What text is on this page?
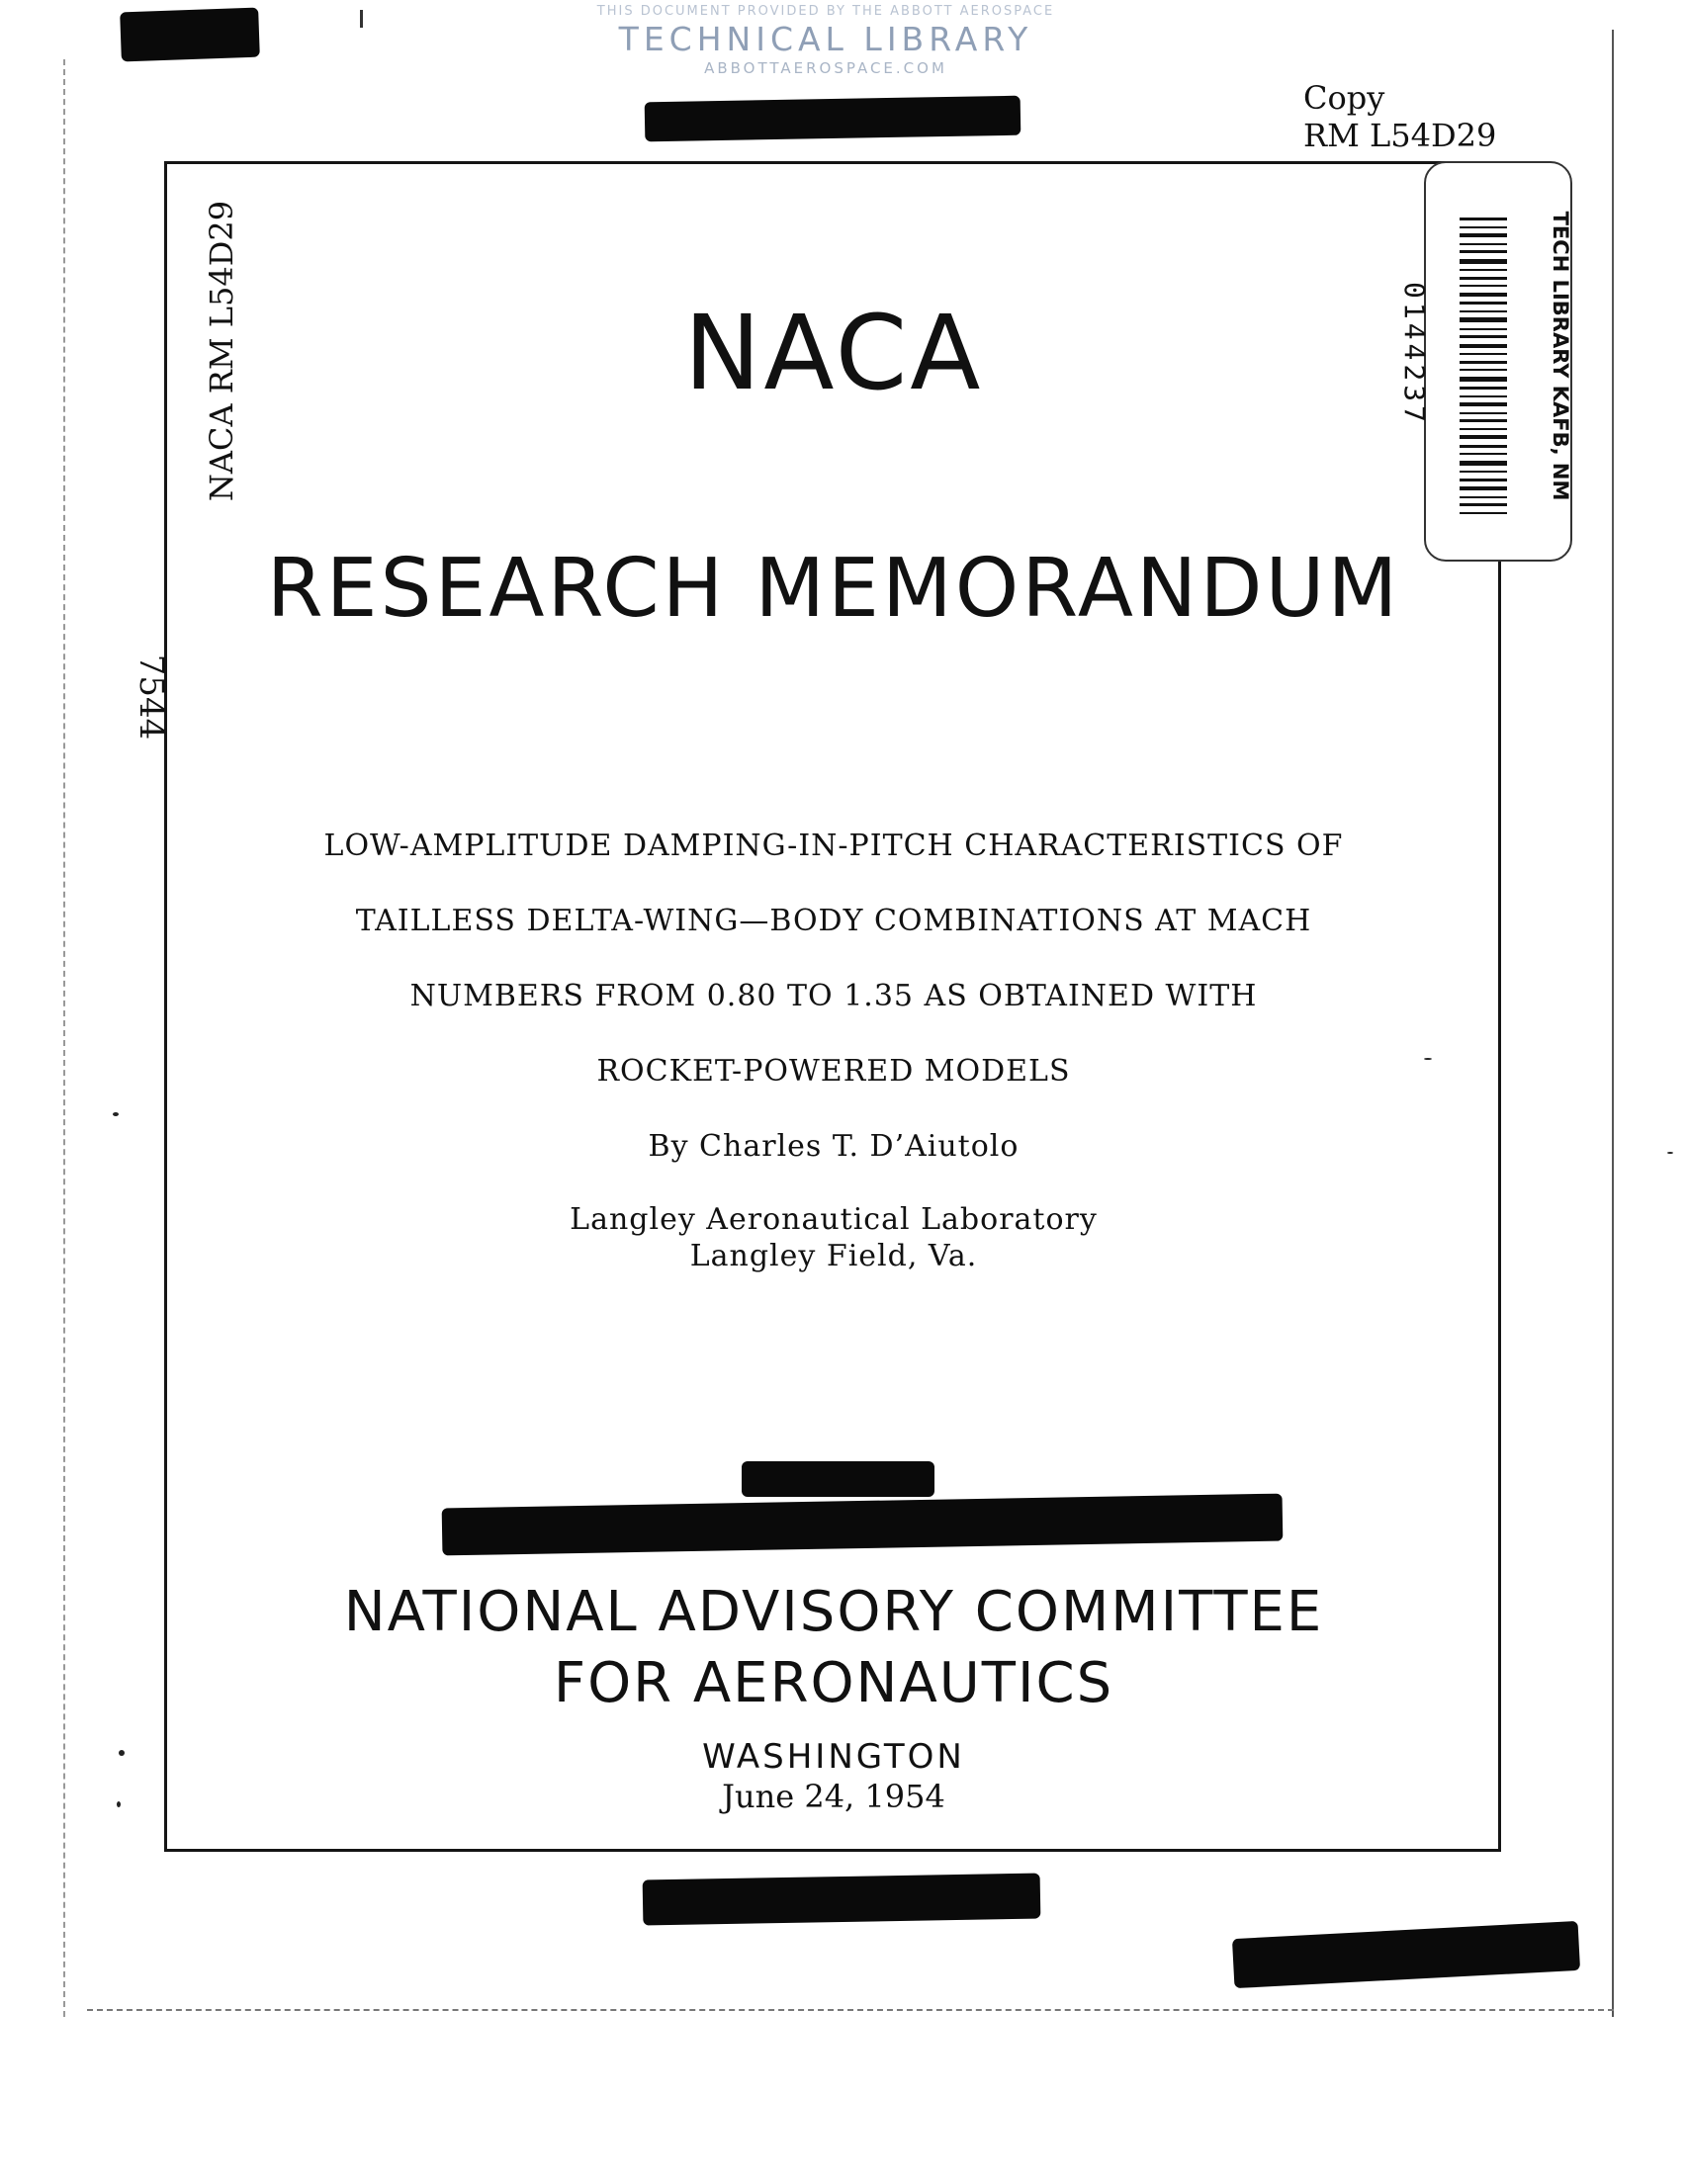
THIS DOCUMENT PROVIDED BY THE ABBOTT AEROSPACE
TECHNICAL LIBRARY
ABBOTTAEROSPACE.COM
Copy
RM L54D29
NACA RM L54D29
7544
0144237	TECH LIBRARY KAFB, NM
NACA
RESEARCH MEMORANDUM
LOW-AMPLITUDE DAMPING-IN-PITCH CHARACTERISTICS OF
TAILLESS DELTA-WING—BODY COMBINATIONS AT MACH
NUMBERS FROM 0.80 TO 1.35 AS OBTAINED WITH
ROCKET-POWERED MODELS
By Charles T. D’Aiutolo
Langley Aeronautical Laboratory
Langley Field, Va.
NATIONAL ADVISORY COMMITTEE
FOR AERONAUTICS
WASHINGTON
June 24, 1954
